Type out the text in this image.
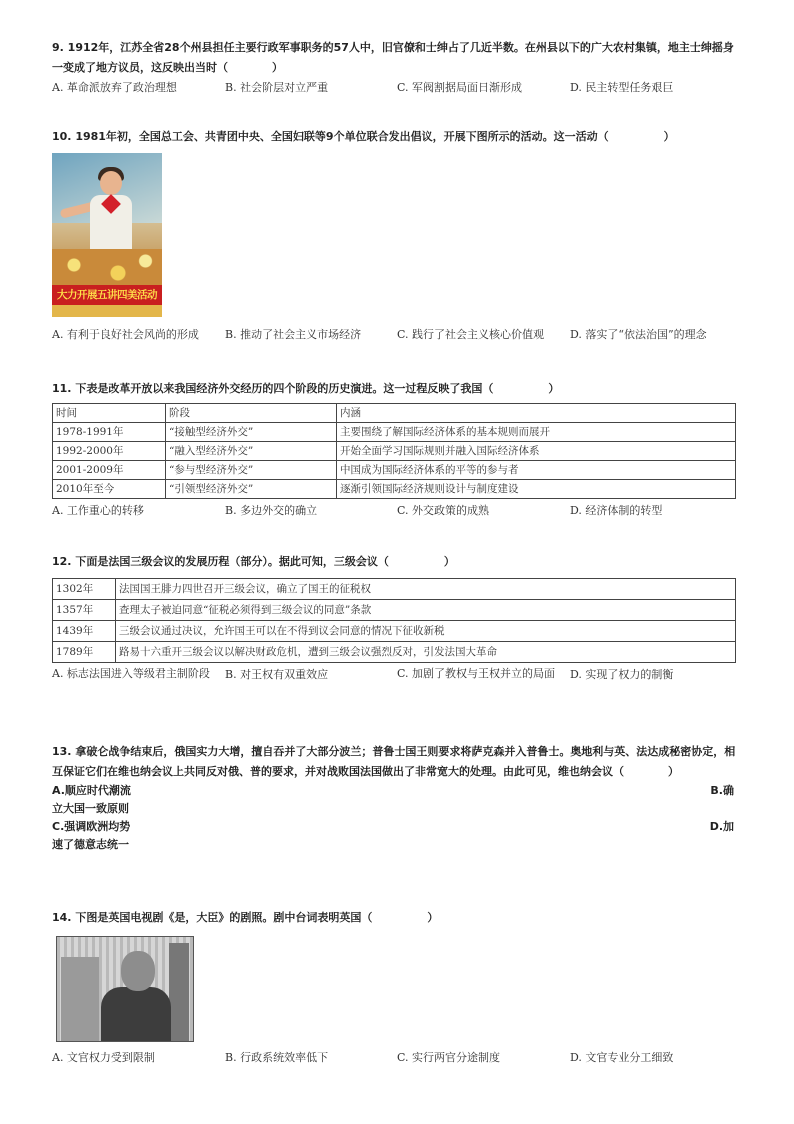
9. 1912年，江苏全省28个州县担任主要行政军事职务的57人中，旧官僚和士绅占了几近半数。在州县以下的广大农村集镇，地主士绅摇身一变成了地方议员，这反映出当时（　　　　）
A. 革命派放弃了政治理想	B. 社会阶层对立严重	C. 军阀割据局面日渐形成	D. 民主转型任务艰巨
10. 1981年初，全国总工会、共青团中央、全国妇联等9个单位联合发出倡议，开展下图所示的活动。这一活动（　　　　　）
大力开展五讲四美活动
A. 有利于良好社会风尚的形成 B. 推动了社会主义市场经济	C. 践行了社会主义核心价值观 D. 落实了“依法治国”的理念
11. 下表是改革开放以来我国经济外交经历的四个阶段的历史演进。这一过程反映了我国（　　　　　）
时间	阶段	内涵
1978-1991年	“接触型经济外交”	主要围绕了解国际经济体系的基本规则而展开
1992-2000年	“融入型经济外交”	开始全面学习国际规则并融入国际经济体系
2001-2009年	“参与型经济外交”	中国成为国际经济体系的平等的参与者
2010年至今	“引领型经济外交”	逐渐引领国际经济规则设计与制度建设
A. 工作重心的转移	B. 多边外交的确立	C. 外交政策的成熟	D. 经济体制的转型
12. 下面是法国三级会议的发展历程（部分）。据此可知，三级会议（　　　　　）
1302年	法国国王腓力四世召开三级会议，确立了国王的征税权
1357年	查理太子被迫同意“征税必须得到三级会议的同意”条款
1439年	三级会议通过决议，允许国王可以在不得到议会同意的情况下征收新税
1789年	路易十六重开三级会议以解决财政危机，遭到三级会议强烈反对，引发法国大革命
A. 标志法国进入等级君主制阶段	B. 对王权有双重效应	C. 加剧了教权与王权并立的局面	D. 实现了权力的制衡
13. 拿破仑战争结束后，俄国实力大增，擅自吞并了大部分波兰；普鲁士国王则要求将萨克森并入普鲁士。奥地利与英、法达成秘密协定，相互保证它们在维也纳会议上共同反对俄、普的要求，并对战败国法国做出了非常宽大的处理。由此可见，维也纳会议（　　　　）
A.顺应时代潮流	B.确
立大国一致原则
C.强调欧洲均势	D.加
速了德意志统一
14. 下图是英国电视剧《是，大臣》的剧照。剧中台词表明英国（　　　　　）
A. 文官权力受到限制	B. 行政系统效率低下	C. 实行两官分途制度	D. 文官专业分工细致
